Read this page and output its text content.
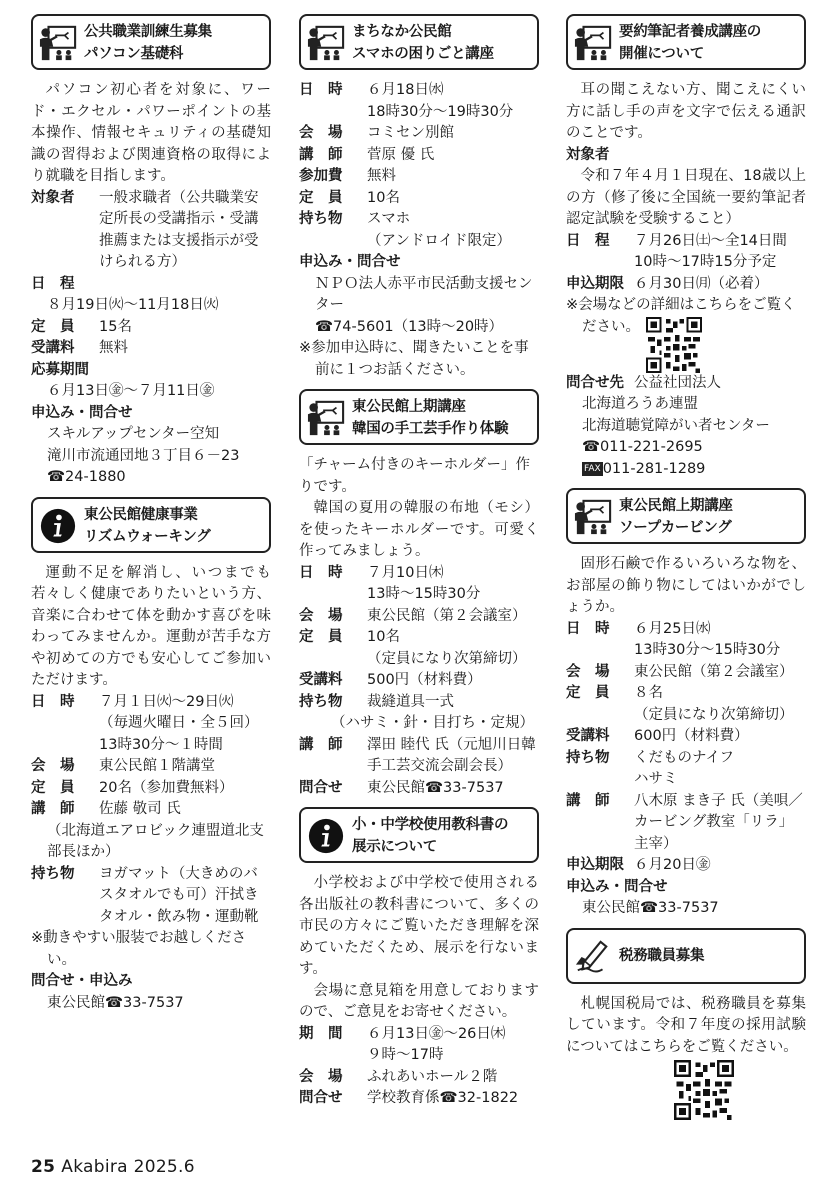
公共職業訓練生募集
パソコン基礎科
パソコン初心者を対象に、ワード・エクセル・パワーポイントの基本操作、情報セキュリティの基礎知識の習得および関連資格の取得により就職を目指します。
対象者	一般求職者（公共職業安定所長の受講指示・受講推薦または支援指示が受けられる方）
日　程
８月19日㈫～11月18日㈫
定　員	15名
受講料	無料
応募期間
６月13日㊎～７月11日㊎
申込み・問合せ
スキルアップセンター空知
滝川市流通団地３丁目６－23
☎24-1880
東公民館健康事業
リズムウォーキング
運動不足を解消し、いつまでも若々しく健康でありたいという方、音楽に合わせて体を動かす喜びを味わってみませんか。運動が苦手な方や初めての方でも安心してご参加いただけます。
日　時	７月１日㈫～29日㈫
（毎週火曜日・全５回）
13時30分～１時間
会　場	東公民館１階講堂
定　員	20名（参加費無料）
講　師	佐藤 敬司 氏
（北海道エアロビック連盟道北支部長ほか）
持ち物	ヨガマット（大きめのバスタオルでも可）汗拭きタオル・飲み物・運動靴
※動きやすい服装でお越しください。
問合せ・申込み
東公民館☎33-7537
まちなか公民館
スマホの困りごと講座
日　時	６月18日㈬
18時30分～19時30分
会　場	コミセン別館
講　師	菅原 優 氏
参加費	無料
定　員	10名
持ち物	スマホ
（アンドロイド限定）
申込み・問合せ
ＮＰＯ法人赤平市民活動支援センター
☎74-5601（13時～20時）
※参加申込時に、聞きたいことを事前に１つお話ください。
東公民館上期講座
韓国の手工芸手作り体験
「チャーム付きのキーホルダー」作りです。
韓国の夏用の韓服の布地（モシ）を使ったキーホルダーです。可愛く作ってみましょう。
日　時	７月10日㈭
13時～15時30分
会　場	東公民館（第２会議室）
定　員	10名
（定員になり次第締切）
受講料	500円（材料費）
持ち物	裁縫道具一式
（ハサミ・針・目打ち・定規）
講　師	澤田 睦代 氏（元旭川日韓手工芸交流会副会長）
問合せ	東公民館☎33-7537
小・中学校使用教科書の
展示について
小学校および中学校で使用される各出版社の教科書について、多くの市民の方々にご覧いただき理解を深めていただくため、展示を行ないます。
会場に意見箱を用意しておりますので、ご意見をお寄せください。
期　間	６月13日㊎～26日㈭
９時～17時
会　場	ふれあいホール２階
問合せ	学校教育係☎32-1822
要約筆記者養成講座の
開催について
耳の聞こえない方、聞こえにくい方に話し手の声を文字で伝える通訳のことです。
対象者
令和７年４月１日現在、18歳以上の方（修了後に全国統一要約筆記者認定試験を受験すること）
日　程	７月26日㈯～全14日間
10時～17時15分予定
申込期限 ６月30日㈪（必着）
※会場などの詳細はこちらをご覧ください。
問合せ先 公益社団法人
北海道ろうあ連盟
北海道聴覚障がい者センター
☎011-221-2695
FAX 011-281-1289
東公民館上期講座
ソープカービング
固形石鹸で作るいろいろな物を、お部屋の飾り物にしてはいかがでしょうか。
日　時	６月25日㈬
13時30分～15時30分
会　場	東公民館（第２会議室）
定　員	８名
（定員になり次第締切）
受講料	600円（材料費）
持ち物	くだものナイフ
ハサミ
講　師	八木原 まき子 氏（美唄／カービング教室「リラ」主宰）
申込期限 ６月20日㊎
申込み・問合せ
東公民館☎33-7537
税務職員募集
札幌国税局では、税務職員を募集しています。令和７年度の採用試験についてはこちらをご覧ください。
25 Akabira 2025.6
